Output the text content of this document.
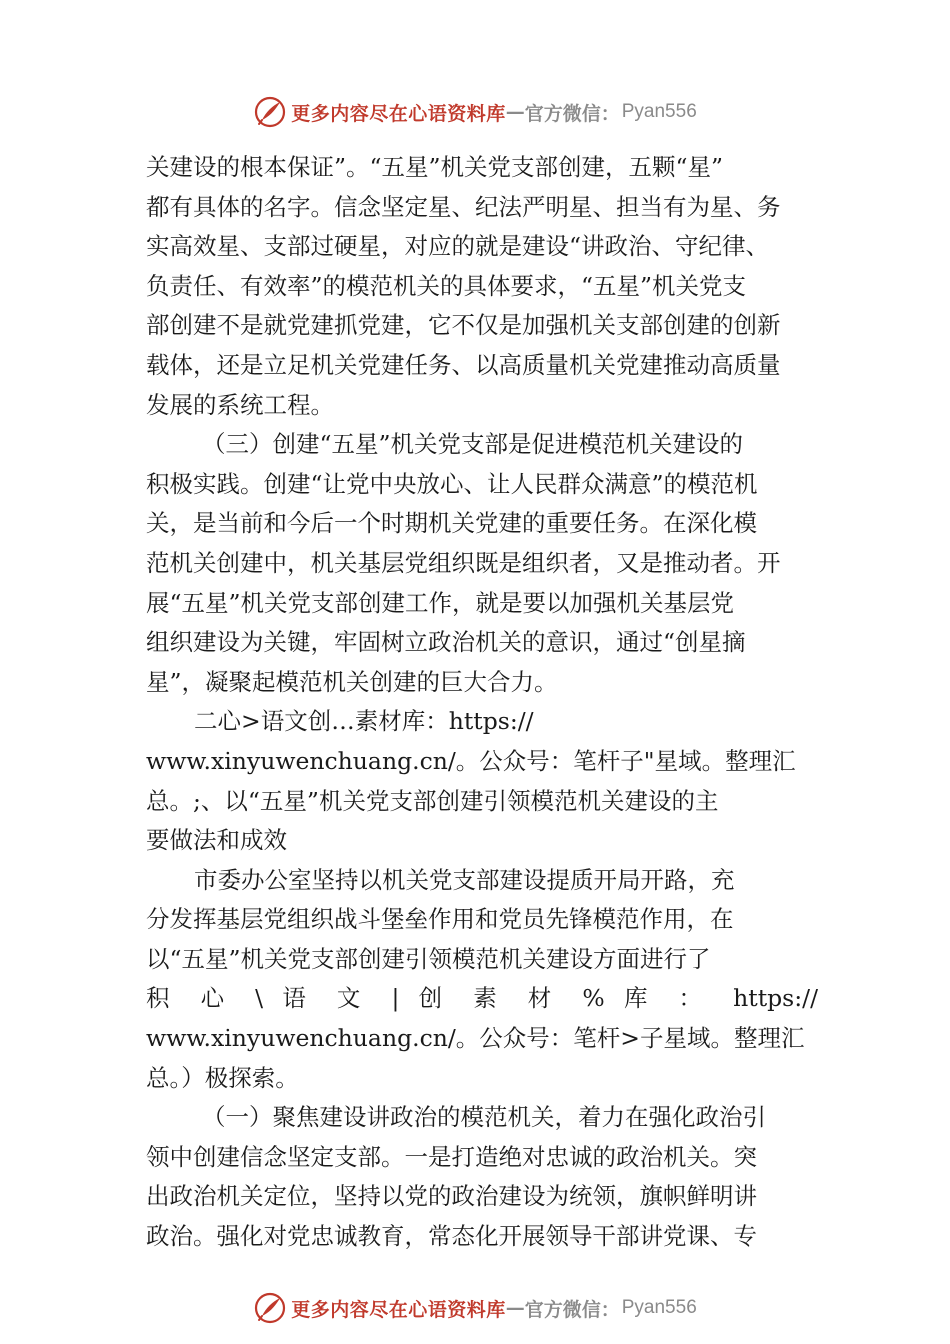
更多内容尽在心语资料库 — 官方微信： Pyan556
关建设的根本保证”。“五星”机关党支部创建，五颗“星”
都有具体的名字。信念坚定星、纪法严明星、担当有为星、务
实高效星、支部过硬星，对应的就是建设“讲政治、守纪律、
负责任、有效率”的模范机关的具体要求，“五星”机关党支
部创建不是就党建抓党建，它不仅是加强机关支部创建的创新
载体，还是立足机关党建任务、以高质量机关党建推动高质量
发展的系统工程。
（三）创建“五星”机关党支部是促进模范机关建设的
积极实践。创建“让党中央放心、让人民群众满意”的模范机
关，是当前和今后一个时期机关党建的重要任务。在深化模
范机关创建中，机关基层党组织既是组织者，又是推动者。开
展“五星”机关党支部创建工作，就是要以加强机关基层党
组织建设为关键，牢固树立政治机关的意识，通过“创星摘
星”，凝聚起模范机关创建的巨大合力。
二心>语文创…素材库：https://
www.xinyuwenchuang.cn/。公众号：笔杆子"星域。整理汇
总。;、以“五星”机关党支部创建引领模范机关建设的主
要做法和成效
市委办公室坚持以机关党支部建设提质开局开路，充
分发挥基层党组织战斗堡垒作用和党员先锋模范作用，在
以“五星”机关党支部创建引领模范机关建设方面进行了
积 心 \ 语 文 | 创 素 材 % 库 ： https://
www.xinyuwenchuang.cn/。公众号：笔杆>子星域。整理汇
总。）极探索。
（一）聚焦建设讲政治的模范机关，着力在强化政治引
领中创建信念坚定支部。一是打造绝对忠诚的政治机关。突
出政治机关定位，坚持以党的政治建设为统领，旗帜鲜明讲
政治。强化对党忠诚教育，常态化开展领导干部讲党课、专
更多内容尽在心语资料库 — 官方微信： Pyan556
